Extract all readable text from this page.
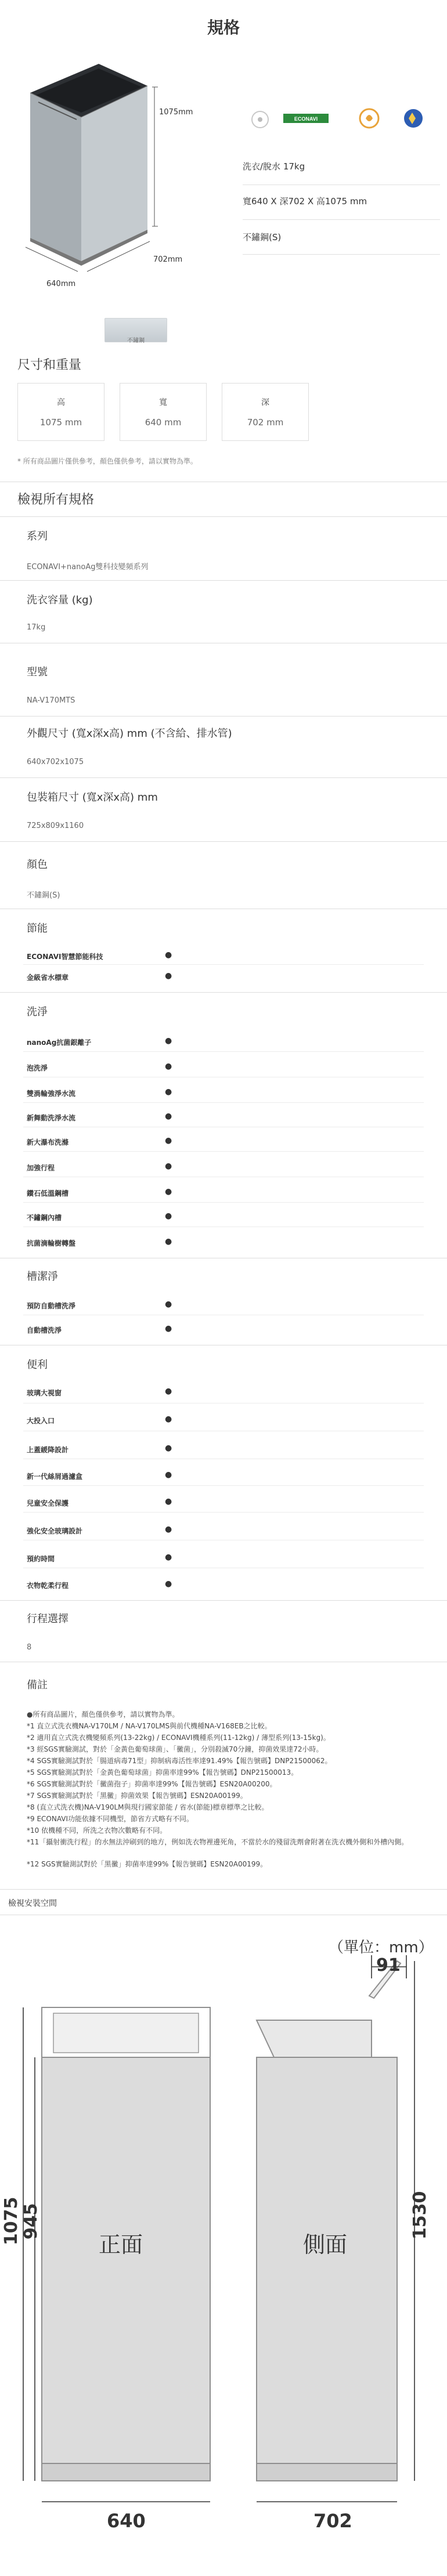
規格
1075mm
702mm
640mm
不鏽鋼
ECONAVI
洗衣/脫水 17kg
寬640 X 深702 X 高1075 mm
不鏽鋼(S)
尺寸和重量
高
1075 mm
寬
640 mm
深
702 mm
* 所有商品圖片僅供參考，顏色僅供參考，請以實物為準。
檢視所有規格
系列
ECONAVI+nanoAg雙科技變頻系列
洗衣容量 (kg)
17kg
型號
NA-V170MTS
外觀尺寸 (寬x深x高) mm (不含給、排水管)
640x702x1075
包裝箱尺寸 (寬x深x高) mm
725x809x1160
顏色
不鏽鋼(S)
節能
ECONAVI智慧節能科技	●
金級省水標章	●
洗淨
nanoAg抗菌銀離子	●
泡洗淨	●
雙渦輪強淨水流	●
新舞動洗淨水流	●
新大瀑布洗滌	●
加強行程	●
鑽石低溫鋼槽	●
不鏽鋼內槽	●
抗菌滴輪樹轉盤	●
槽潔淨
預防自動槽洗淨	●
自動槽洗淨	●
便利
玻璃大視窗	●
大投入口	●
上蓋緩降設計	●
新一代絲屑過濾盒	●
兒童安全保護	●
強化安全玻璃設計	●
預約時間	●
衣物乾柔行程	●
行程選擇
8
備註
●所有商品圖片，顏色僅供參考，請以實物為準。
*1 直立式洗衣機NA-V170LM / NA-V170LMS與前代機種NA-V168EB之比較。
*2 適用直立式洗衣機變頻系列(13-22kg) / ECONAVI機種系列(11-12kg) / 薄型系列(13-15kg)。
*3 經SGS實驗測試，對於「金黃色葡萄球菌」、「黴菌」，分別殺滅70分鐘，抑菌效果達72小時。
*4 SGS實驗測試對於「腸道病毒71型」抑制病毒活性率達91.49%【報告號碼】DNP21500062。
*5 SGS實驗測試對於「金黃色葡萄球菌」抑菌率達99%【報告號碼】DNP21500013。
*6 SGS實驗測試對於「黴菌孢子」抑菌率達99%【報告號碼】ESN20A00200。
*7 SGS實驗測試對於「黑黴」抑菌效果【報告號碼】ESN20A00199。
*8 (直立式洗衣機)NA-V190LM與現行國家節能 / 省水(節能)標章標準之比較。
*9 ECONAVI功能依據不同機型，節省方式略有不同。
*10 依機種不同，所洗之衣物次數略有不同。
*11「攝射衝洗行程」的水無法沖刷到的地方，例如洗衣物裡邊死角，不當於水的殘留洗劑會附著在洗衣機外側和外槽內側。
*12 SGS實驗測試對於「黑黴」抑菌率達99%【報告號碼】ESN20A00199。
檢視安裝空間
（單位：mm）
91
1075 945	1530
正面	側面
640	702
